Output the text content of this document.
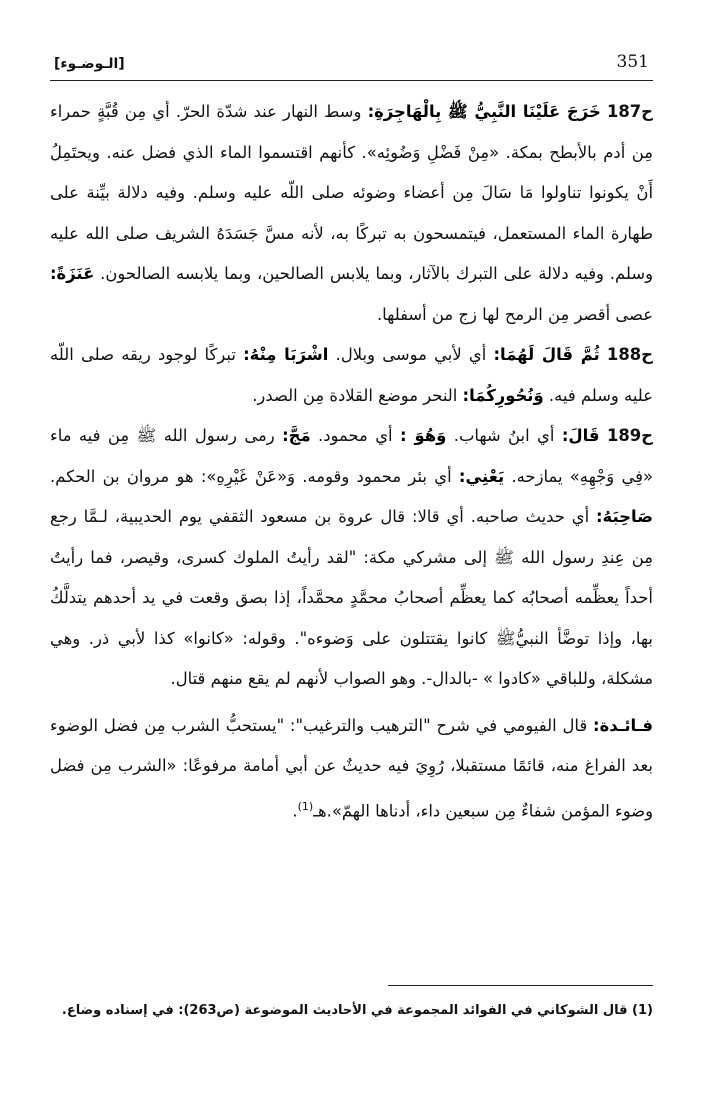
351
[الـوضـوء]

ح187 خَرَجَ عَلَيْنَا النَّبِيُّ ﷺ بِالْهَاجِرَةِ: وسط النهار عند شدّة الحرّ. أي مِن قُبَّةٍ حمراء مِن أدم بالأبطح بمكة. «مِنْ فَضْلِ وَضُوئِه». كأنهم اقتسموا الماء الذي فضل عنه. ويحتَمِلُ أَنْ يكونوا تناولوا مَا سَالَ مِن أعضاء وضوئه صلى اللّه عليه وسلم. وفيه دلالة بيِّنة على طهارة الماء المستعمل، فيتمسحون به تبركًا به، لأنه مسَّ جَسَدَهُ الشريف صلى الله عليه وسلم. وفيه دلالة على التبرك بالآثار، وبما يلابس الصالحين، وبما يلابسه الصالحون. عَنَزَةً: عصى أقصر مِن الرمح لها زج من أسفلها.

ح188 ثُمَّ قَالَ لَهُمَا: أي لأبي موسى وبلال. اشْرَبَا مِنْهُ: تبركًا لوجود ريقه صلى اللّه عليه وسلم فيه. وَنُحُورِكُمَا: النحر موضع القلادة مِن الصدر.

ح189 قَالَ: أي ابنُ شهاب. وَهُوَ : أي محمود. مَجَّ: رمى رسول الله ﷺ مِن فيه ماء «فِي وَجْهِهِ» يمازحه. يَعْنِي: أي بئر محمود وقومه. وَ«عَنْ غَيْرِهِ»: هو مروان بن الحكم. صَاحِبَهُ: أي حديث صاحبه. أي قالا: قال عروة بن مسعود الثقفي يوم الحديبية، لـمَّا رجع مِن عِندِ رسول الله ﷺ إلى مشركي مكة: "لقد رأيتُ الملوك كسرى، وقيصر، فما رأيتُ أحداً يعظِّمه أصحابُه كما يعظِّم أصحابُ محمَّدٍ محمَّداً، إذا بصق وقعت في يد أحدهم يتدلَّكُ بها، وإذا توضَّأ النبيُّﷺ كانوا يقتتلون على وَضوءه". وقوله: «كانوا» كذا لأبي ذر. وهي مشكلة، وللباقي «كادوا » -بالدال-. وهو الصواب لأنهم لم يقع منهم قتال.

فـائـدة: قال الفيومي في شرح "الترهيب والترغيب": "يستحبُّ الشرب مِن فضل الوضوء بعد الفراغ منه، قائمًا مستقبلا، رُوِيَ فيه حديثٌ عن أبي أمامة مرفوعًا: «الشرب مِن فضل وضوء المؤمن شفاءٌ مِن سبعين داء، أدناها الهمّ».هـ$^{(1)}$.

(1) قال الشوكاني في الفوائد المجموعة في الأحاديث الموضوعة (ص263): في إسناده وضاع.
